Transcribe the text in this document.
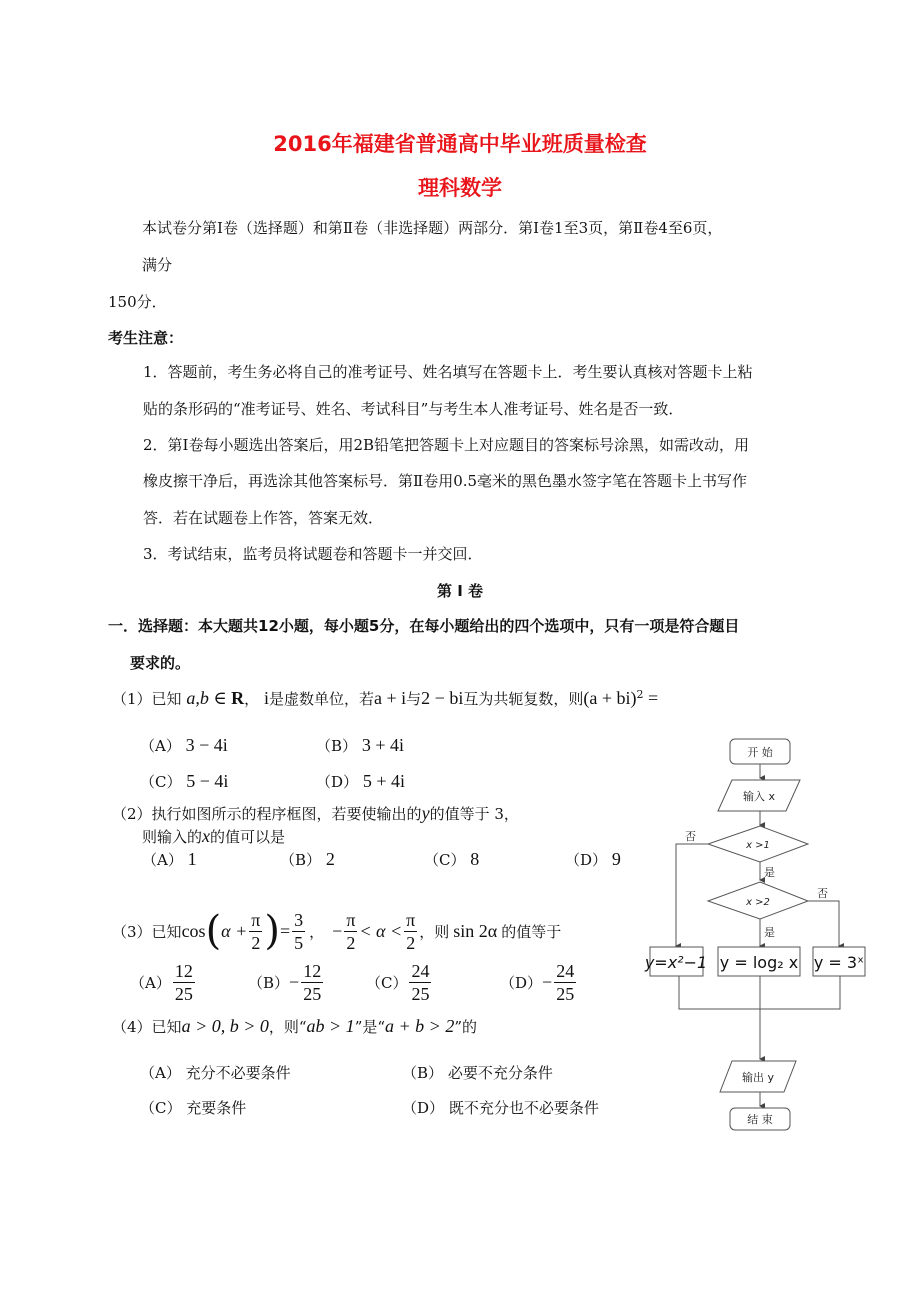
2016年福建省普通高中毕业班质量检查
理科数学
本试卷分第Ⅰ卷（选择题）和第Ⅱ卷（非选择题）两部分．第Ⅰ卷1至3页，第Ⅱ卷4至6页，
满分
150分．
考生注意：
1．答题前，考生务必将自己的准考证号、姓名填写在答题卡上．考生要认真核对答题卡上粘
贴的条形码的“准考证号、姓名、考试科目”与考生本人准考证号、姓名是否一致．
2．第Ⅰ卷每小题选出答案后，用2B铅笔把答题卡上对应题目的答案标号涂黑，如需改动，用
橡皮擦干净后，再选涂其他答案标号．第Ⅱ卷用0.5毫米的黑色墨水签字笔在答题卡上书写作
答．若在试题卷上作答，答案无效．
3．考试结束，监考员将试题卷和答题卡一并交回．
第 Ⅰ 卷
一．选择题：本大题共12小题，每小题5分，在每小题给出的四个选项中，只有一项是符合题目
要求的。
（1）已知 a,b ∈ R， i是虚数单位，若a + i与2 − bi互为共轭复数，则(a + bi)$^2$ =
（A） 3 − 4i	（B） 3 + 4i
（C） 5 − 4i	（D） 5 + 4i
（2）执行如图所示的程序框图，若要使输出的y的值等于 3，
则输入的x的值可以是
（A） 1	（B） 2	（C） 8	（D） 9
（3） 已知 cos ( $\alpha + \frac{\pi}{2}$ ) = $\frac{3}{5}$ ， − $\frac{\pi}{2} < \alpha < \frac{\pi}{2}$ ，则 sin 2α 的值等于
$(A) \frac{12}{25}$	$(B) - \frac{12}{25}$	$(C) \frac{24}{25}$	$(D) - \frac{24}{25}$
（4）已知a > 0, b > 0，则“ab > 1”是“a + b > 2”的
（A） 充分不必要条件	（B） 必要不充分条件
（C） 充要条件	（D） 既不充分也不必要条件
开 始
输入 x
x >1
x >2
否
否
是
是
y=x²−1 y = log₂ x y = 3ˣ
输出 y
结 束
